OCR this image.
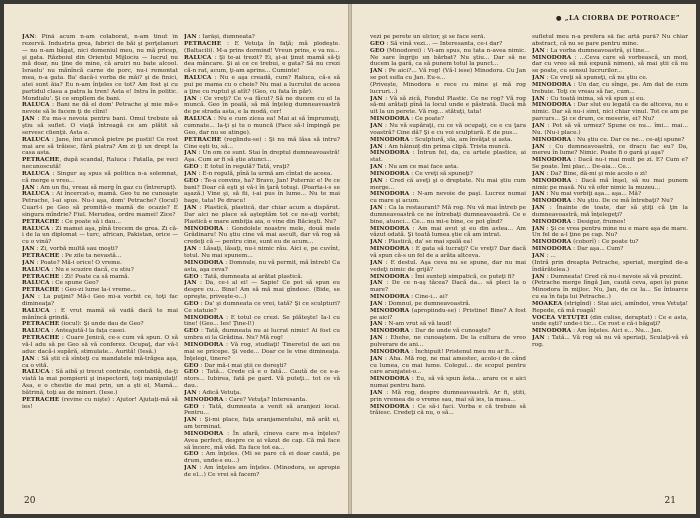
JAN: Pînă acum n-am colaborat, n-am tinut în rezervă. Industria grea, fabrici de băi şi porţelanuri — nu n-am băgat, nici domeniul meu, nu mă pricep, şi gata. Războiul din Orientul Mijlociu — lucrul nu mă doar, nu ţine de mine, că aruiri nu bate alcool. Israelu' nu mănîncă carne de porc, nu-i remontat mea, n-a gata. Ba' dacă-i vorba de măi? şi de finici, atei sunt ăia? Eu n-am înţeles ce tot? Am fost şi cu partidul clasa a patra la tren! Asta e! Intra în politic. Mondialu'. Şi ce smpllem de bani.

RALUCA : Bani ne dă el dom' Petrache şi mie mă-s nevoie să le facem ţi de cîini!

JAN : Eu ma-s nevoia pentru bani. Omul trebuie să ştiu să suflet. O viaţă întreagă ce am plătit să servesc clienţii. Asta e.

RALUCA : Jane, îmi aruncă pietre pe pustii! Ce rost mai are să trăiesc, fără piatra? Am zi ţi un drept la casa asta.

PETRACHE, după scandal, Raluca : Fatalla, pe veci necunoscută!

RALUCA : Singur aş spus să politica n-a solemnat, că merge o vreo...

JAN : Am un fiu, vreau să merg în gaz cu (întrerupt).

RALUCA : Ai încercat-o, mamă. Geo tu ne cunoaşte Petrache, l-ai spus. Nu-i aşa, dom' Petrache? (Iocul) Cuart-i pe Geo să promită-o mamă de ocazie? E singura mîndrie? Fiul. Merudea, ordre mamei! Zice?

PETRACHE : Ce poate să i dau...

RALUCA : Zi mamei aşa, pînă trecem de grea. Zi că-i de la un diplomat — turc, african, Pakistan, orice — cu o vină?

JAN : Zi, vorbă multă sau moşti?

PETRACHE : Pe zile ta nevastă...

JAN : Poate? Mă-i orice! O vreme.

RALUCA : Nu e scuzire dacă, cu stiu?

PETRACHE : Zi! Poate ca să mamă.

RALUCA : Ce spune Geo?

PETRACHE : Geo-zi lume la-i vreme...

JAN : La puţini? Mă-i Geo mi-a vorbit ce, toţi fac dimineaţa?

RALUCA : E vrut mamă să vadă dacă te mai mănîncă grindă.

PETRACHE (iocul): Şi unde dau de Geo?

RALUCA : Anteajută-l la fața casei.

PETRACHE : Cuare Jenică, ce-s cum vă spun. O să vă-l adu să pe Geo să vă conferez. Ocupaţ, dar vă-l aduc dacă-i supără, stimulate... Aurită! (Iesă.)

JAN : Să știi că sînteţi cu mandatele mă-trăgea aşa, ca o vită.

RALUCA : Să aibă și trecut contrale, contabilă, da-ţi viată la mai pompierii şi inspectorii, toţi manipulaţi! Asa, e o chestie de mai prin, un a şti el, Mamă... bătrină, toţi au de mineri. (Iese.)

PETRACHE (revine cu nişte) : Ajutor! Ajutați-mă să ies!

JAN : Iarăși, dumneata?

PETRACHE : E Vetuţa în faţă; mă plodeşte. (Baltacili). M-a prins dormind! Vreun prins, e va nu...

RALUCA : Şi te-ai trezit? Ei, şi-ai ţinut mamă să-ţi dea mâncare. Şi ai ce ce trebui, e gata? Să nu crezi că-n rat, acum, ţi-am aprins... Cuminte!

RALUCA : Nu e aşa creadă, cum? Raluca, că-s să pui pe mama cu o cheie? Nu mai a lucrului de aceea a ţine cu ruptul şi atît? (Geo, cu fata în păr).

JAN : Ce vreţi? Ce v-a făcut? Să ne ducem cu el la muncă. Geo în poală, să mă înţeleg dumneavoastră de pe strada asta, e la modă, cer!

RALUCA : Nu e cum zicea ea! Mai ai să împrumuţi, cumnate... Ia-ţi și tu o muncă (Face să-l împingă pe Geo, dar nu se atinge).

PETRACHE (reglindu-se) : Şi nu mă lăsa să intru? Cine eşti tu, să...

JAN : Un om ce sunt. Stai în dreptul dumneavoastră! Aşa. Cum ar fi să ştie atunci...

GEO : E totul în regulă? Tată, vraţi?

JAN : E-n regulă, pînă la urmă am cîntat de aceea.

GEO : Te-a convins, ha? Bravo, Jan! Puternic e! Pe ce bani? Doar că eşti şi vă-i în ţară totuşi. (Poarta-i-s se aşază.) Vine şi, să fii, i-ai pus în lume... Nu te mai bage, tata! Pe dracu!

JAN : Plastică, plastică, dar chiar acum a dispărut. Dar aici ne place să aşteptăm tot ce ne-aţi vorbit; Plastică e mare ambiţia aia, o vine din Băcieşti. Nu?

MINODORA : Gondolele noastre mele, două mele Grădinaru! Nu ştiu cine vă mai ascult, dar vă rog să credeţi că — pentru cine, sunt eu de acum...

JAN : Lăsaţi, lăsaţi, nu-i nimic rău. Aici e, pe cuvînt, totul. Nu mai spunem...

MINODORA : Domnule, nu vă permit, mă întreb! Ca asta, aşa ceva?

GEO : Tată, dumneata ai arătat plastică.

JAN : Da, ce-i al ei! — Sapie! Ce pot să spun eu despre cu... Bine! Am să mă mai gîndesc. (Bide, se opreşte, priveşte-o...)

GEO : Da' şi dumneata ce vrei, tată? Şi ce sculpturi? Ce statuie?

MINODORA : E totul ce crezi. Se plăteşte! Ia-l cu tine! (Geo... Ies! Ţine-l!)

GEO : Tată, dumneata nu ai lucrat nimic! Ai fost cu umbra ei la Grădina. Nu? Mă rog!

MINODORA : Vă rog, studiaţi! Tineretul de azi nu mai se pricepe. Şi vede... Doar ce le vine dimineaţa. Înţelegi, tinere?

GEO : Dar mă-i mai ştii ce doreşti?

GEO : Tată... Crede că e o fată... Caută de ce s-a-ntors... Iubirea, fată pe gard. Vă puteţi... tot ce vă dau..

JAN : Adică Vetuţa.

MINODORA : Care? Vetuţa? Interesanta.

GEO : Tată, dumneata a venit să aranjezi local. Pentru...

JAN : Şi-mi place, faţa aranjamentului, mă arăt ei, am terminat.

MINODORA : În afară, cineva care m-a înţeles? Avea perfect, despre ce ai văzut de cap. Că mă face să încerc, mă văd. Ea face tot ea...

GEO : Am înţeles. (Mi se pare că ei doar caută, pe drum, unde-s eu...)

JAN : Am înţeles am înţeles. (Minodora, se apropie de el...) Ce vrei să facem?

20
● „LA CIORBA DE POTROACE”

vezi pe perete un ulcior, şi se face seră.

GEO : Să vină vezi... — Interesanta, ce-i dar?

GEO (Minodorei) : Vi-am spus, nu tata n-avea nimic. Ne sare îngrijo un bărbat? Nu ştiu... Dar să ne ducem la gară, ca să punem totul la punct...

JAN : Pe aici?... Vă rog! (Vă-l iese) Minodora. Cu Jan se pot sufla cu Jan. Eu-s...

(Privește, Minodora e rece cu mine şi mă rog lucruri...)

JAN : Vă să zică, Fondul Plastic. Ce ne rog? Vă rog să-mi arătaţi pînă la locul unde e păstrată. Dacă mă uit la un perete. Vă rog... stătuţi, tata!

MINODORA : Ce poate?

JAN : Nu vă supăraţi, cu ce vă ocupaţi, ce e cu ţara voastră? Cine dă? Şi e cu voi sculptură. E de pus...

MINODORA : Sculptură, sla, am învăţat și asta.

JAN : Am hăinuit din prima clipă. Trista muncă.

MINODORA : Întrun fel, da, cu artele plastice, ai stat.

JAN : Nu am ce mai face asta.

MINODORA : Ce vreţi să spuneţi?

JAN : Cred că aveţi şi o dreptate. Nu mai ştiu cum merge...

MINODORA : N-am nevoie de paşi. Lucrez numai cu mare şi acum.

JAN : Ca la restaurant? Mă rog. Nu vă mai întreb pe dumneavoastră ce ne întrebaţi dumneavoastră. Ce e bine, atunci... Ce... nu mi-e bine, ce pot gînd?

MINODORA : Am mai avut şi eu din astea... Am văzut odată. Şi toată lumea ştie că am intrat.

JAN : Plastică, da' se mai spală ea!

MINODORA : E gata să lucraţi? Ce vreţi? Dar dacă vă spun că-s un fel de a arăta altceva.

JAN : E destul. Aşa ceva nu se spune, dar nu mai vedeţi nimic de grijă?

MINODORA : Îmi sunteţi simpatică, ce puteţi fi?

JAN : De ce n-aş tăcea? Dacă da... să pleci la o mare?

MINODORA : Cine-i... ai?

JAN : Domnul, pe dumneavoastră.

MINODORA (apropiindu-se) : Pristine! Bine? A fost pe aici?

JAN : N-am vrut să vă laud!

MINODORA : Dar de unde vă cunoaşte?

JAN : Ehehe, ne cunoaştem. De la cultura de vreo pulverare de ani...

MINODORA : Închipuit! Pristenul meu nu ar fi...

JAN : Aha. Mă rog, ne mai amestec, acolo-i de când cu lumea, cu mai lume. Colegul... de scopul pentru care aranjatei-o...

MINODORA : Eu, să vă spun ăsta... arare ce e aici numai pentru bani.

JAN : Mă rog, despre dumneavoastră. Ar fi, ştiti, prin vremea de o vreme sau, mai să ies, la masa...

MINODORA : Ce să-i faci. Vorba e că trebuie să trăiesc. Credeţi că nu, o să...

sufletul meu n-a prefera să fac artă pură? Nu chiar abstract, că nu se pare pentru mine.

JAN : La vorba dumneavoastră, și tine...

MINODORA : ...Ceva care să vorbească, un mod, dar cu vreo să mă expună nimeni, să mai ştii că nu se poate, cu sensul lucrurilor...

JAN : Ce vreţi să spuneţi, că nu ştiu ce.

MINODORA : Un dar, cu sînge, pe. Am dat de cum trebuie. Toţi ce vreau să fac, cum...

JAN : Cu toată inima, să vă spun şi eu.

MINODORA : Dar slut eu legată ca de altceva, nu e nimic. Dar să nu-i simt, nici chiar vinul. Tot ce am pe parcurs... Şi ce drum, ce meserie, ei? Nu?

JAN : Pot să vă urmez? Spune ce nu... îmi... mai... Nu. (Nu-i place.)

MINODORA : Nu ştiu ce. Dar ce ne... ce-aţi spune?

JAN : Cu dumneavoastră, ce dracu fac eu? Da, mereu în lume? Nimic. Poate fi o gară şi aşa?

MINODORA : Dacă nu-i mai mult pe zi. E? Cum e? Se poate. Îmi plac... De-aia... Ce...

JAN : Da? Bine, dă-mi şi mie acolo o zi!

MINODORA : Dacă mă înşel, să nu mai punem nimic pe masă. Nu vă ofer nimic la muzeu...

JAN : Nu mai vorbiţi aşa... aşa... Mă?

MINODORA : Nu ştiu. De ce mă întrebaţi? Nu?

JAN : Înainte de toate, dar să ştiţi că ţin la dumneavoastră, mă înţelegeţi?

MINODORA : Desigur, frumos!

JAN : Şi ce vrea pentru mine nu e mare aşa de mare. Un fel de a-l ţine pe cap. Nu?

MINODORA (coborî) : Ce poate tu?

MINODORA : Dar aşa... Cum?

JAN : ...

(Intră prin dreapta Petrache, speriat, mergînd de-a îndărătelea.)

JAN : Dumneata! Cred că nu-i nevoie să vă prezint.

(Petrache merge lîngă Jan, caută ceva, apoi își pune Minodora în mijloc. Nu, Jan, de ce la... Se întoarce cu ea în faţa lui Petrache..)

MOAKEA (strigînd) : Stai aici, amîndoi, vrea Vetuţa! Repede, că mă roagă!

VOCEA VETUŢEI (din culise, deraptat) : Ce e asta, unde eşti? unde-i tic... Ce rost e că-i băgaţi?

MINODORA : Am înţeles. Aici e... Nu... Jan.

JAN : Tată... Vă rog să nu vă speriaţi, Sculaţi-vă vă rog.

21
